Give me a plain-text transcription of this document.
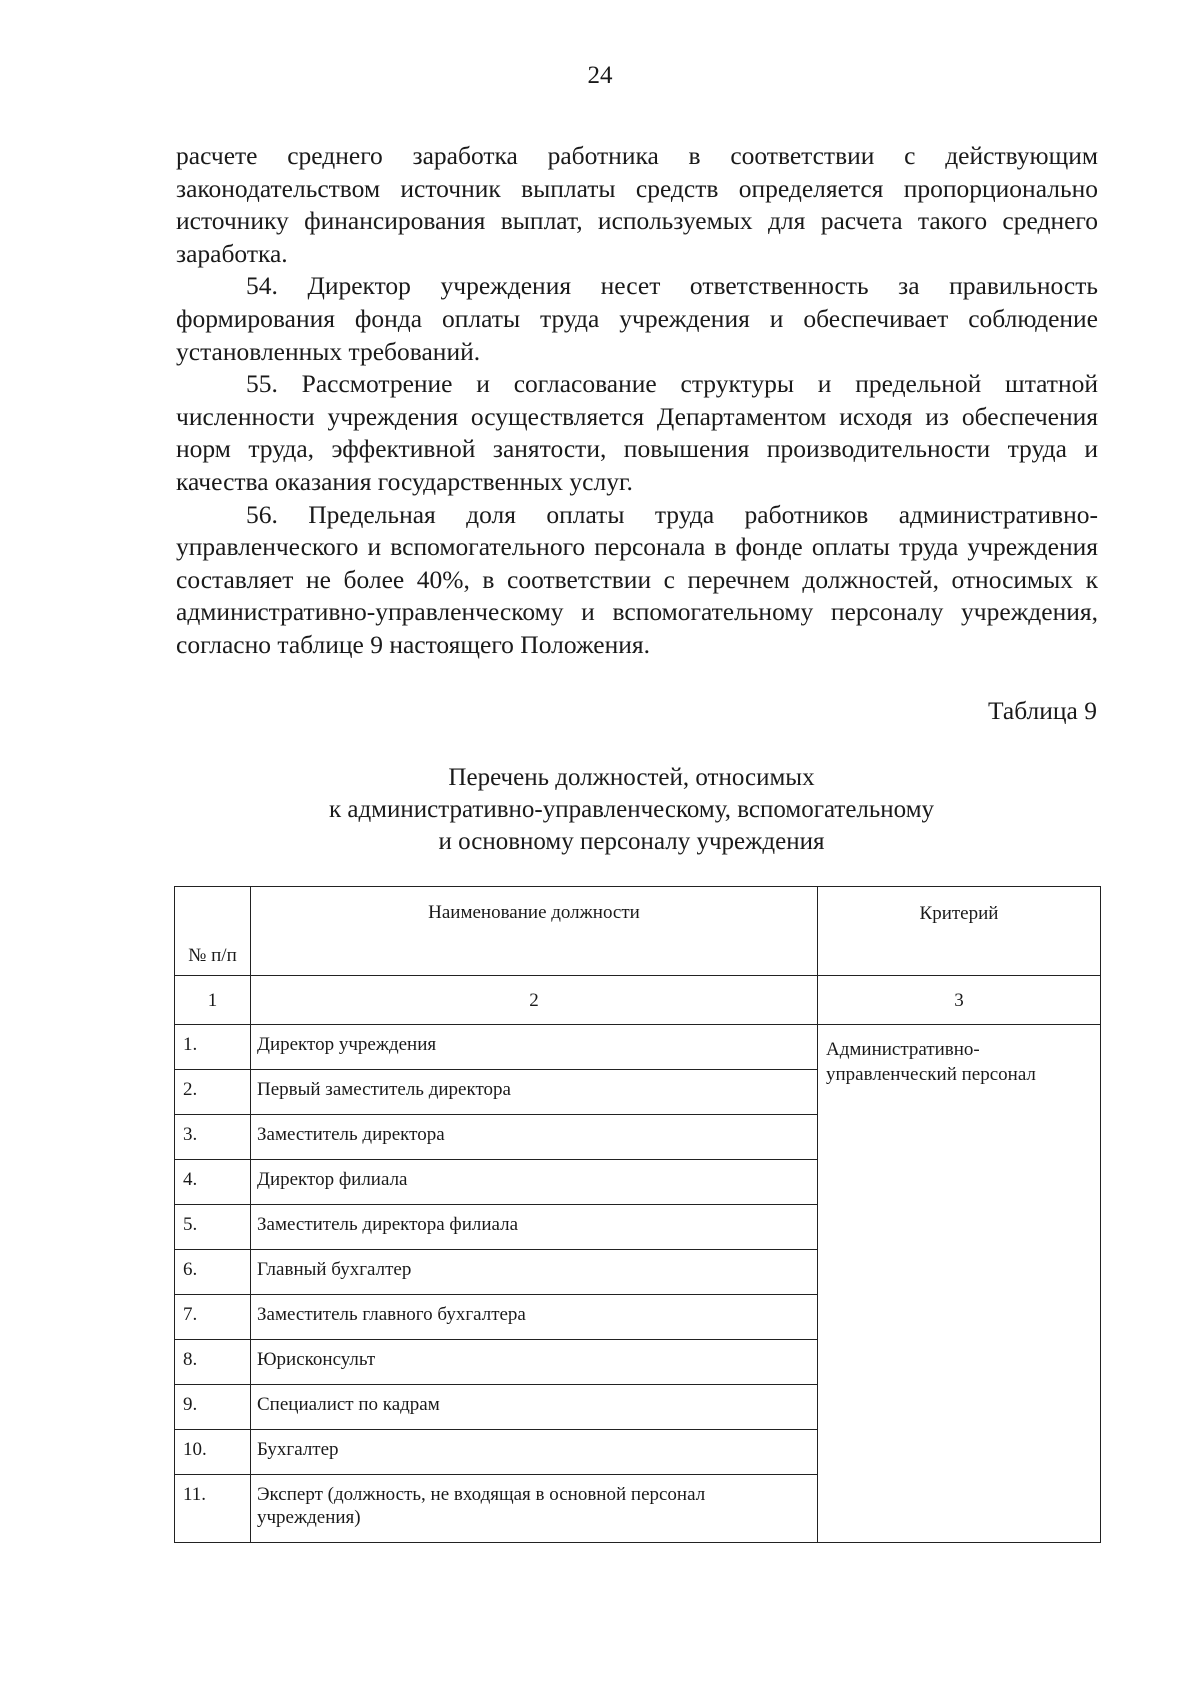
24

расчете среднего заработка работника в соответствии с действующим законодательством источник выплаты средств определяется пропорционально источнику финансирования выплат, используемых для расчета такого среднего заработка.

54. Директор учреждения несет ответственность за правильность формирования фонда оплаты труда учреждения и обеспечивает соблюдение установленных требований.

55. Рассмотрение и согласование структуры и предельной штатной численности учреждения осуществляется Департаментом исходя из обеспечения норм труда, эффективной занятости, повышения производительности труда и качества оказания государственных услуг.

56. Предельная доля оплаты труда работников административно-управленческого и вспомогательного персонала в фонде оплаты труда учреждения составляет не более 40%, в соответствии с перечнем должностей, относимых к административно-управленческому и вспомогательному персоналу учреждения, согласно таблице 9 настоящего Положения.

Таблица 9
Перечень должностей, относимых
к административно-управленческому, вспомогательному
и основному персоналу учреждения
№ п/п	Наименование должности	Критерий
1	2	3
1.	Директор учреждения	Административно-управленческий персонал
2.	Первый заместитель директора	
3.	Заместитель директора	
4.	Директор филиала	
5.	Заместитель директора филиала	
6.	Главный бухгалтер	
7.	Заместитель главного бухгалтера	
8.	Юрисконсульт	
9.	Специалист по кадрам	
10.	Бухгалтер	
11.	Эксперт (должность, не входящая в основной персонал учреждения)	
